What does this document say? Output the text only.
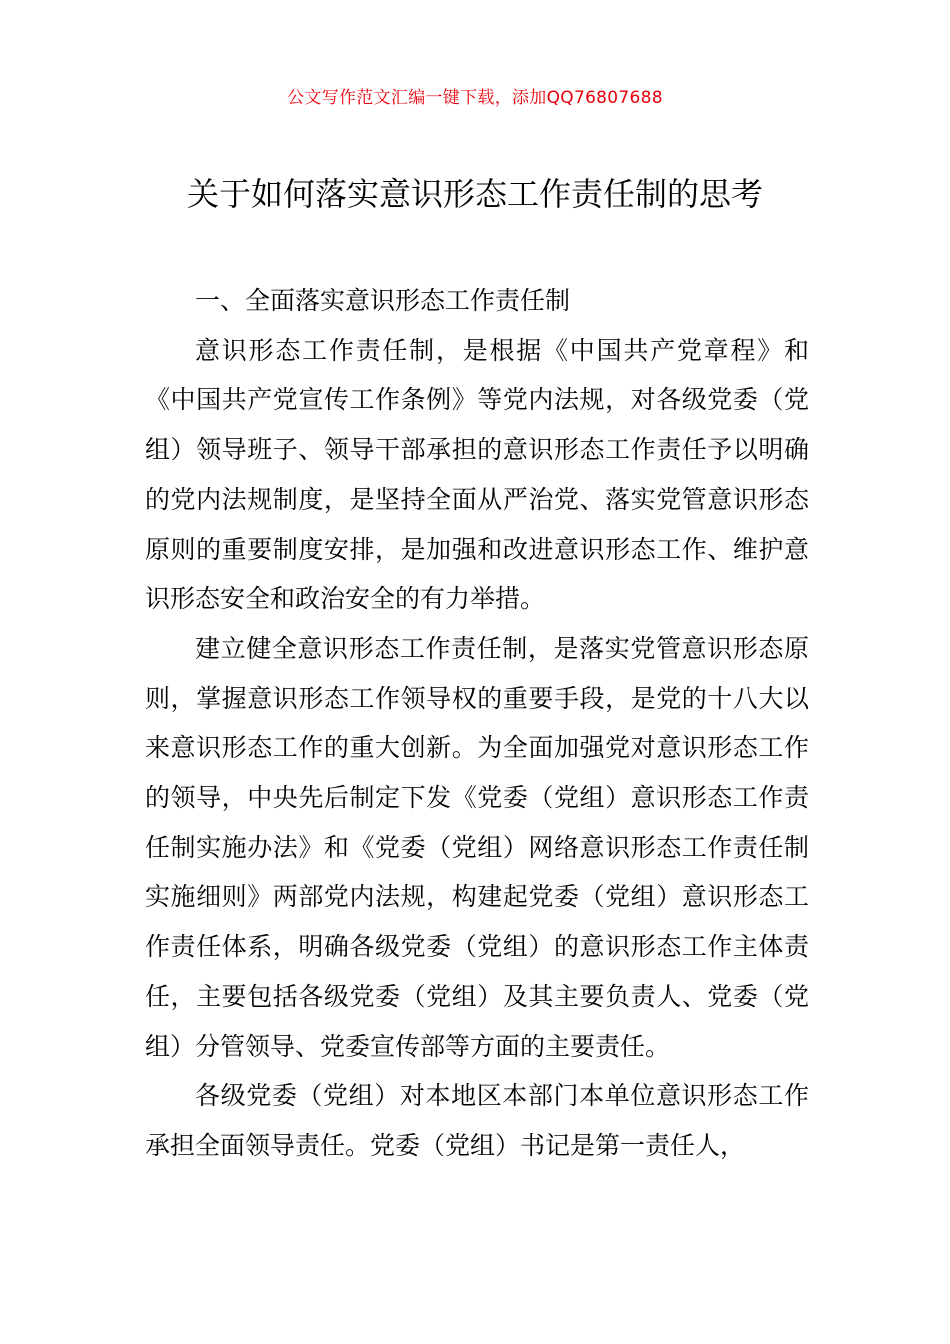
公文写作范文汇编一键下载，添加QQ76807688
关于如何落实意识形态工作责任制的思考
一、全面落实意识形态工作责任制

意识形态工作责任制，是根据《中国共产党章程》和《中国共产党宣传工作条例》等党内法规，对各级党委（党组）领导班子、领导干部承担的意识形态工作责任予以明确的党内法规制度，是坚持全面从严治党、落实党管意识形态原则的重要制度安排，是加强和改进意识形态工作、维护意识形态安全和政治安全的有力举措。

建立健全意识形态工作责任制，是落实党管意识形态原则，掌握意识形态工作领导权的重要手段，是党的十八大以来意识形态工作的重大创新。为全面加强党对意识形态工作的领导，中央先后制定下发《党委（党组）意识形态工作责任制实施办法》和《党委（党组）网络意识形态工作责任制实施细则》两部党内法规，构建起党委（党组）意识形态工作责任体系，明确各级党委（党组）的意识形态工作主体责任，主要包括各级党委（党组）及其主要负责人、党委（党组）分管领导、党委宣传部等方面的主要责任。

各级党委（党组）对本地区本部门本单位意识形态工作承担全面领导责任。党委（党组）书记是第一责任人，
